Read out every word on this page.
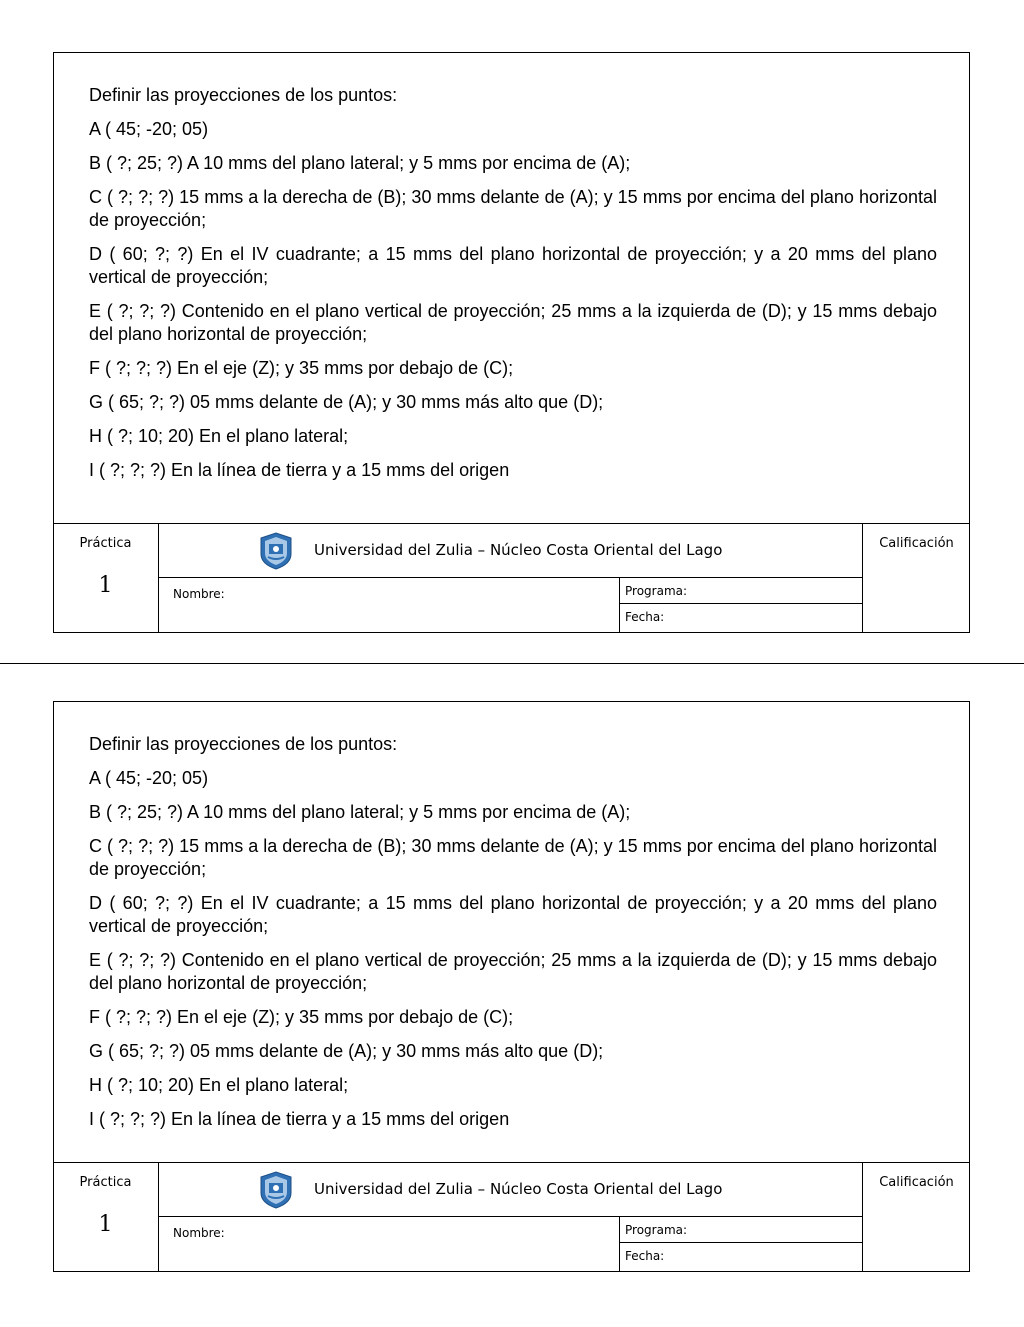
Definir las proyecciones de los puntos:

A ( 45; -20; 05)

B ( ?; 25; ?) A 10 mms del plano lateral; y 5 mms por encima de (A);

C ( ?; ?; ?) 15 mms a la derecha de (B); 30 mms delante de (A); y 15 mms por encima del plano horizontal de proyección;

D ( 60; ?; ?) En el IV cuadrante; a 15 mms del plano horizontal de proyección; y a 20 mms del plano vertical de proyección;

E ( ?; ?; ?) Contenido en el plano vertical de proyección; 25 mms a la izquierda de (D); y 15 mms debajo del plano horizontal de proyección;

F ( ?; ?; ?) En el eje (Z); y 35 mms por debajo de (C);

G ( 65; ?; ?) 05 mms delante de (A); y 30 mms más alto que (D);

H ( ?; 10; 20) En el plano lateral;

I ( ?; ?; ?) En la línea de tierra y a 15 mms del origen

Práctica
1
Universidad del Zulia – Núcleo Costa Oriental del Lago
Nombre:	Programa:
Fecha:
Calificación

Definir las proyecciones de los puntos:

A ( 45; -20; 05)

B ( ?; 25; ?) A 10 mms del plano lateral; y 5 mms por encima de (A);

C ( ?; ?; ?) 15 mms a la derecha de (B); 30 mms delante de (A); y 15 mms por encima del plano horizontal de proyección;

D ( 60; ?; ?) En el IV cuadrante; a 15 mms del plano horizontal de proyección; y a 20 mms del plano vertical de proyección;

E ( ?; ?; ?) Contenido en el plano vertical de proyección; 25 mms a la izquierda de (D); y 15 mms debajo del plano horizontal de proyección;

F ( ?; ?; ?) En el eje (Z); y 35 mms por debajo de (C);

G ( 65; ?; ?) 05 mms delante de (A); y 30 mms más alto que (D);

H ( ?; 10; 20) En el plano lateral;

I ( ?; ?; ?) En la línea de tierra y a 15 mms del origen

Práctica
1
Universidad del Zulia – Núcleo Costa Oriental del Lago
Nombre:	Programa:
Fecha:
Calificación
